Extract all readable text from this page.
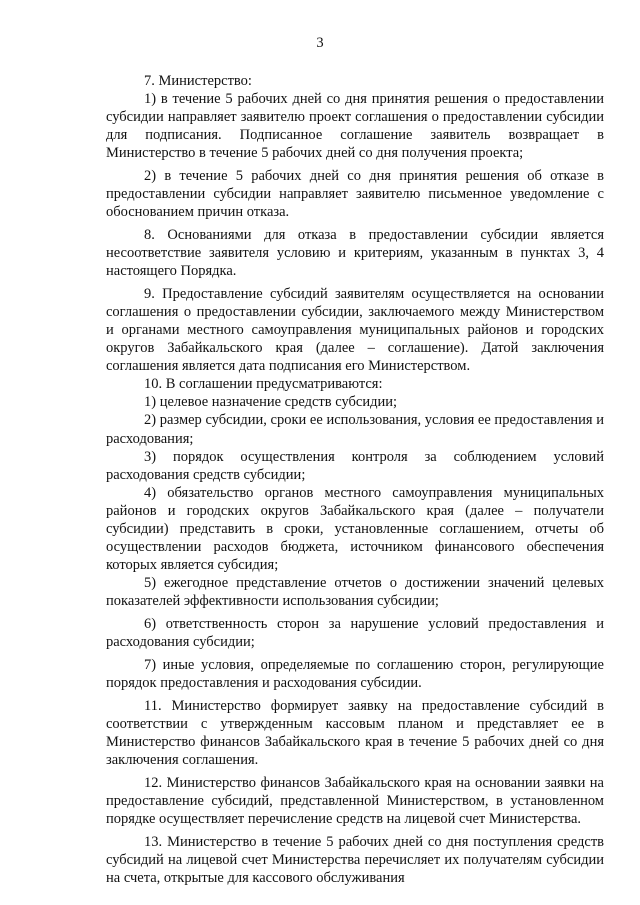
3

7. Министерство:

1) в течение 5 рабочих дней со дня принятия решения о предоставлении субсидии направляет заявителю проект соглашения о предоставлении субсидии для подписания. Подписанное соглашение заявитель возвращает в Министерство в течение 5 рабочих дней со дня получения проекта;

2) в течение 5 рабочих дней со дня принятия решения об отказе в предоставлении субсидии направляет заявителю письменное уведомление с обоснованием причин отказа.

8. Основаниями для отказа в предоставлении субсидии является несоответствие заявителя условию и критериям, указанным в пунктах 3, 4 настоящего Порядка.

9. Предоставление субсидий заявителям осуществляется на основании соглашения о предоставлении субсидии, заключаемого между Министерством и органами местного самоуправления муниципальных районов и городских округов Забайкальского края (далее – соглашение). Датой заключения соглашения является дата подписания его Министерством.

10. В соглашении предусматриваются:

1) целевое назначение средств субсидии;

2) размер субсидии, сроки ее использования, условия ее предоставления и расходования;

3) порядок осуществления контроля за соблюдением условий расходования средств субсидии;

4) обязательство органов местного самоуправления муниципальных районов и городских округов Забайкальского края (далее – получатели субсидии) представить в сроки, установленные соглашением, отчеты об осуществлении расходов бюджета, источником финансового обеспечения которых является субсидия;

5) ежегодное представление отчетов о достижении значений целевых показателей эффективности использования субсидии;

6) ответственность сторон за нарушение условий предоставления и расходования субсидии;

7) иные условия, определяемые по соглашению сторон, регулирующие порядок предоставления и расходования субсидии.

11. Министерство формирует заявку на предоставление субсидий в соответствии с утвержденным кассовым планом и представляет ее в Министерство финансов Забайкальского края в течение 5 рабочих дней со дня заключения соглашения.

12. Министерство финансов Забайкальского края на основании заявки на предоставление субсидий, представленной Министерством, в установленном порядке осуществляет перечисление средств на лицевой счет Министерства.

13. Министерство в течение 5 рабочих дней со дня поступления средств субсидий на лицевой счет Министерства перечисляет их получателям субсидии на счета, открытые для кассового обслуживания
